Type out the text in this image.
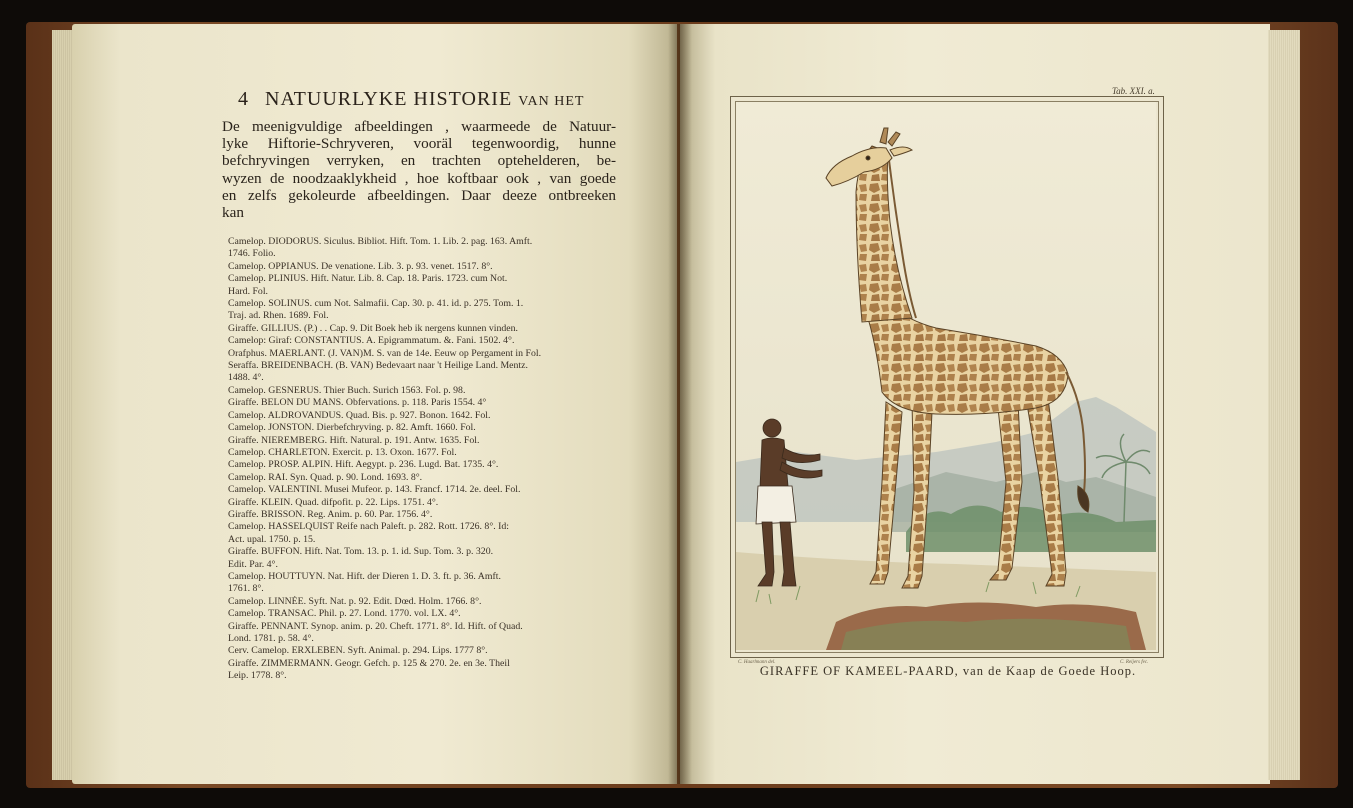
4 NATUURLYKE HISTORIE VAN HET
De meenigvuldige afbeeldingen , waarmeede de Natuur-
lyke Hiftorie-Schryveren, vooräl tegenwoordig, hunne
befchryvingen verryken, en trachten optehelderen, be-
wyzen de noodzaaklykheid , hoe koftbaar ook , van goede
en zelfs gekoleurde afbeeldingen. Daar deeze ontbreeken
kan
Camelop. DIODORUS. Siculus. Bibliot. Hift. Tom. 1. Lib. 2. pag. 163. Amft.
1746. Folio.
Camelop. OPPIANUS. De venatione. Lib. 3. p. 93. venet. 1517. 8°.
Camelop. PLINIUS. Hift. Natur. Lib. 8. Cap. 18. Paris. 1723. cum Not.
Hard. Fol.
Camelop. SOLINUS. cum Not. Salmafii. Cap. 30. p. 41. id. p. 275. Tom. 1.
Traj. ad. Rhen. 1689. Fol.
Giraffe. GILLIUS. (P.) . . Cap. 9. Dit Boek heb ik nergens kunnen vinden.
Camelop: Giraf: CONSTANTIUS. A. Epigrammatum. &. Fani. 1502. 4°.
Orafphus. MAERLANT. (J. VAN)M. S. van de 14e. Eeuw op Pergament in Fol.
Seraffa. BREIDENBACH. (B. VAN) Bedevaart naar 't Heilige Land. Mentz.
1488. 4°.
Camelop. GESNERUS. Thier Buch. Surich 1563. Fol. p. 98.
Giraffe. BELON DU MANS. Obfervations. p. 118. Paris 1554. 4°
Camelop. ALDROVANDUS. Quad. Bis. p. 927. Bonon. 1642. Fol.
Camelop. JONSTON. Dierbefchryving. p. 82. Amft. 1660. Fol.
Giraffe. NIEREMBERG. Hift. Natural. p. 191. Antw. 1635. Fol.
Camelop. CHARLETON. Exercit. p. 13. Oxon. 1677. Fol.
Camelop. PROSP. ALPIN. Hift. Aegypt. p. 236. Lugd. Bat. 1735. 4°.
Camelop. RAI. Syn. Quad. p. 90. Lond. 1693. 8°.
Camelop. VALENTINI. Musei Mufeor. p. 143. Francf. 1714. 2e. deel. Fol.
Giraffe. KLEIN. Quad. difpofit. p. 22. Lips. 1751. 4°.
Giraffe. BRISSON. Reg. Anim. p. 60. Par. 1756. 4°.
Camelop. HASSELQUIST Reife nach Paleft. p. 282. Rott. 1726. 8°. Id:
Act. upal. 1750. p. 15.
Giraffe. BUFFON. Hift. Nat. Tom. 13. p. 1. id. Sup. Tom. 3. p. 320.
Edit. Par. 4°.
Camelop. HOUTTUYN. Nat. Hift. der Dieren 1. D. 3. ft. p. 36. Amft.
1761. 8°.
Camelop. LINNÉE. Syft. Nat. p. 92. Edit. Dœd. Holm. 1766. 8°.
Camelop. TRANSAC. Phil. p. 27. Lond. 1770. vol. LX. 4°.
Giraffe. PENNANT. Synop. anim. p. 20. Cheft. 1771. 8°. Id. Hift. of Quad.
Lond. 1781. p. 58. 4°.
Cerv. Camelop. ERXLEBEN. Syft. Animal. p. 294. Lips. 1777 8°.
Giraffe. ZIMMERMANN. Geogr. Gefch. p. 125 & 270. 2e. en 3e. Theil
Leip. 1778. 8°.
Tab. XXI. a.
C. Haarlmann del.	C. Reijers fec.
GIRAFFE OF KAMEEL-PAARD, van de Kaap de Goede Hoop.
